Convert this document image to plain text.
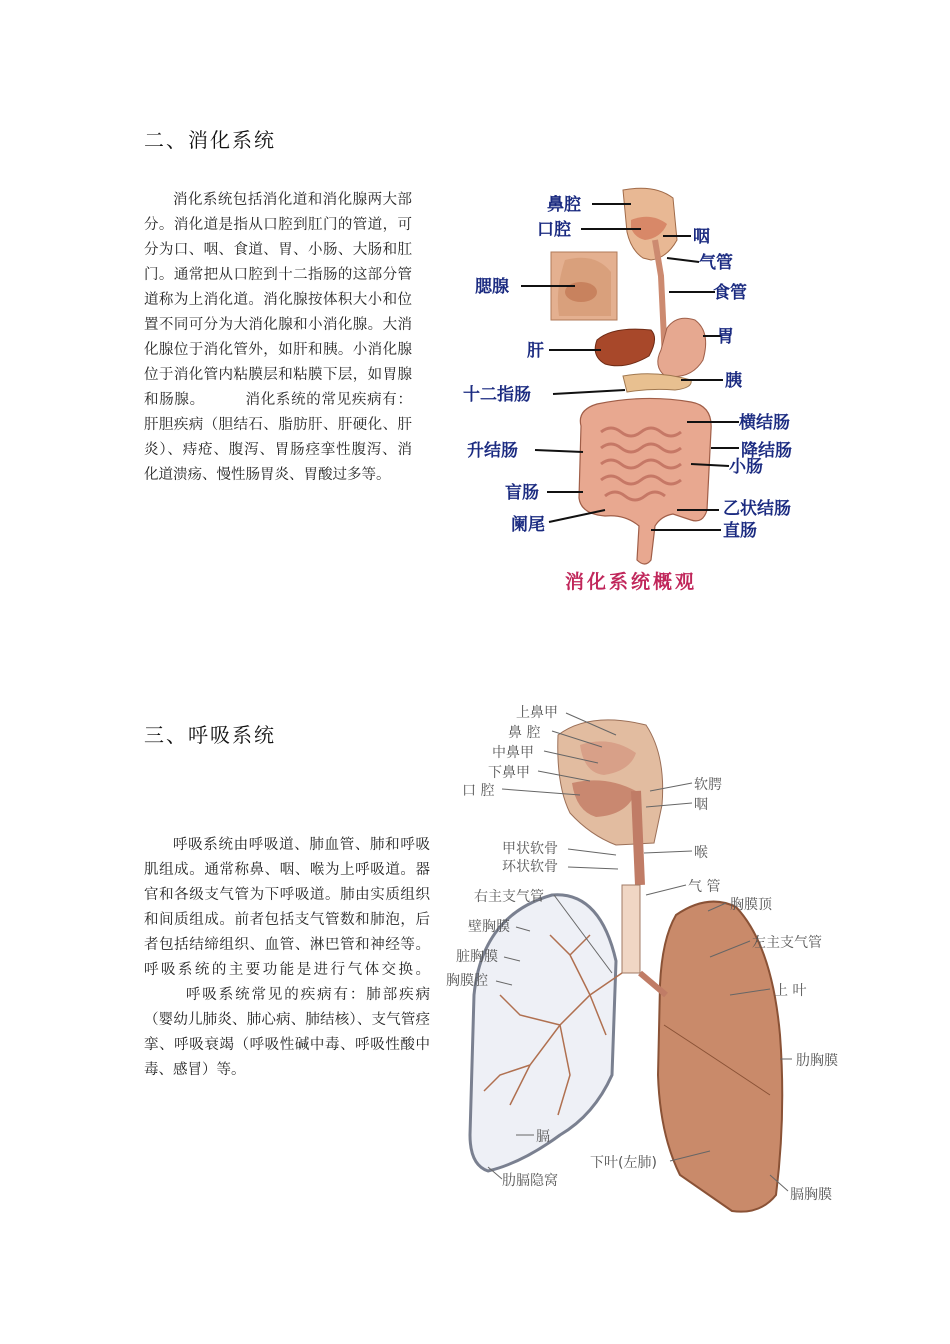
二、消化系统
消化系统包括消化道和消化腺两大部分。消化道是指从口腔到肛门的管道，可分为口、咽、食道、胃、小肠、大肠和肛门。通常把从口腔到十二指肠的这部分管道称为上消化道。消化腺按体积大小和位置不同可分为大消化腺和小消化腺。大消化腺位于消化管外，如肝和胰。小消化腺位于消化管内粘膜层和粘膜下层，如胃腺和肠腺。	消化系统的常见疾病有：肝胆疾病（胆结石、脂肪肝、肝硬化、肝炎）、痔疮、腹泻、胃肠痉挛性腹泻、消化道溃疡、慢性肠胃炎、胃酸过多等。
鼻腔
口腔	咽
气管
食管
腮腺
肝
胃
胰
十二指肠
横结肠
升结肠	降结肠
小肠
盲肠
乙状结肠
阑尾	直肠
消化系统概观
三、呼吸系统
呼吸系统由呼吸道、肺血管、肺和呼吸肌组成。通常称鼻、咽、喉为上呼吸道。器官和各级支气管为下呼吸道。肺由实质组织和间质组成。前者包括支气管数和肺泡，后者包括结缔组织、血管、淋巴管和神经等。呼吸系统的主要功能是进行气体交换。呼吸系统常见的疾病有：肺部疾病（婴幼儿肺炎、肺心病、肺结核）、支气管痉挛、呼吸衰竭（呼吸性碱中毒、呼吸性酸中毒、感冒）等。
上鼻甲
鼻 腔
中鼻甲
下鼻甲
口 腔	软腭
咽
甲状软骨
环状软骨
喉
右主支气管
气 管
壁胸膜
胸膜顶
脏胸膜
左主支气管
胸膜腔
上 叶
肋胸膜
膈
下叶(左肺)
肋膈隐窝
膈胸膜
